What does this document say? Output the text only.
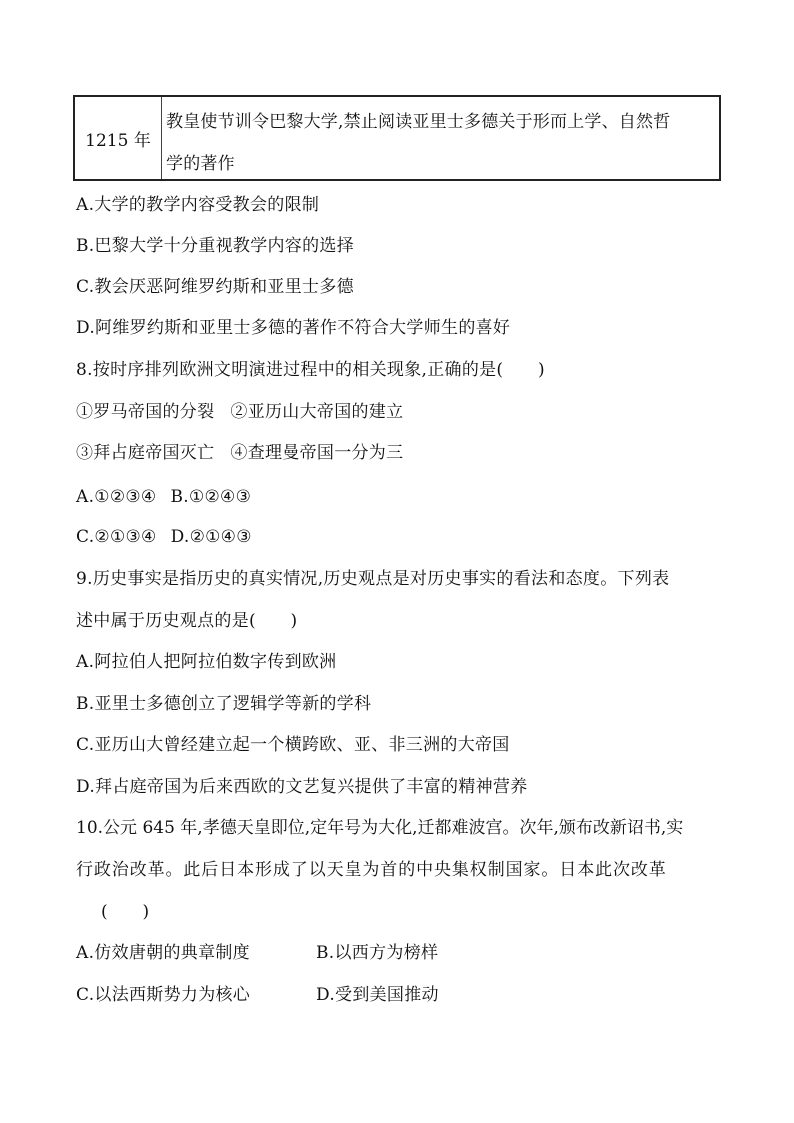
1215 年
教皇使节训令巴黎大学,禁止阅读亚里士多德关于形而上学、自然哲
学的著作
A.大学的教学内容受教会的限制
B.巴黎大学十分重视教学内容的选择
C.教会厌恶阿维罗约斯和亚里士多德
D.阿维罗约斯和亚里士多德的著作不符合大学师生的喜好
8.按时序排列欧洲文明演进过程中的相关现象,正确的是(　　)
①罗马帝国的分裂 ②亚历山大帝国的建立
③拜占庭帝国灭亡 ④查理曼帝国一分为三
A.①②③④ B.①②④③
C.②①③④ D.②①④③
9.历史事实是指历史的真实情况,历史观点是对历史事实的看法和态度。下列表
述中属于历史观点的是(　　)
A.阿拉伯人把阿拉伯数字传到欧洲
B.亚里士多德创立了逻辑学等新的学科
C.亚历山大曾经建立起一个横跨欧、亚、非三洲的大帝国
D.拜占庭帝国为后来西欧的文艺复兴提供了丰富的精神营养
10.公元 645 年,孝德天皇即位,定年号为大化,迁都难波宫。次年,颁布改新诏书,实
行政治改革。此后日本形成了以天皇为首的中央集权制国家。日本此次改革
(　　)
A.仿效唐朝的典章制度	B.以西方为榜样
C.以法西斯势力为核心	D.受到美国推动
